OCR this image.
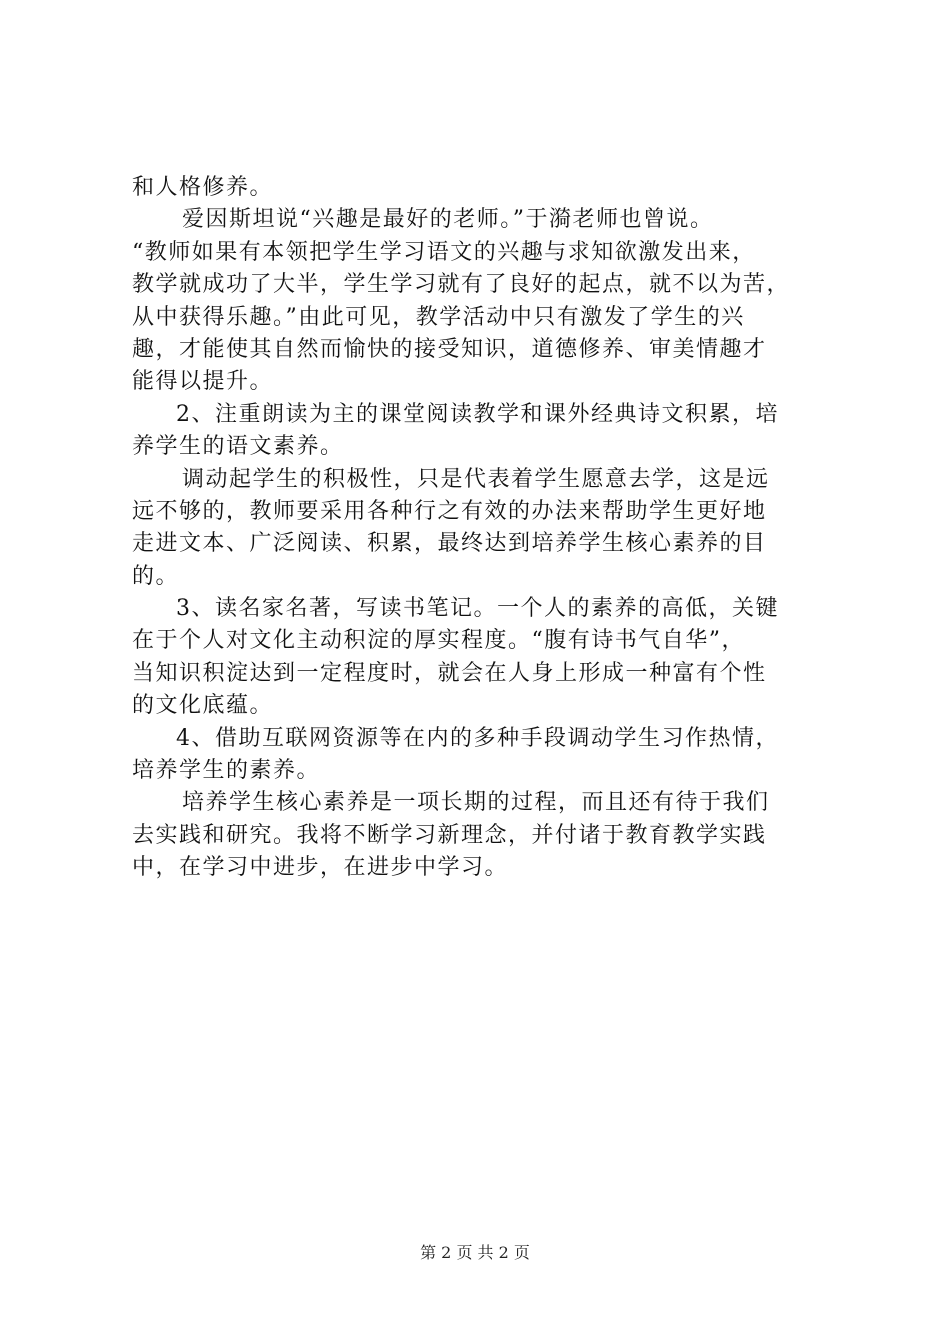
和人格修养。
爱因斯坦说“兴趣是最好的老师。”于漪老师也曾说。
“教师如果有本领把学生学习语文的兴趣与求知欲激发出来，
教学就成功了大半，学生学习就有了良好的起点，就不以为苦，
从中获得乐趣。”由此可见，教学活动中只有激发了学生的兴
趣，才能使其自然而愉快的接受知识，道德修养、审美情趣才
能得以提升。
2、注重朗读为主的课堂阅读教学和课外经典诗文积累，培
养学生的语文素养。
调动起学生的积极性，只是代表着学生愿意去学，这是远
远不够的，教师要采用各种行之有效的办法来帮助学生更好地
走进文本、广泛阅读、积累，最终达到培养学生核心素养的目
的。
3、读名家名著，写读书笔记。一个人的素养的高低，关键
在于个人对文化主动积淀的厚实程度。“腹有诗书气自华”，
当知识积淀达到一定程度时，就会在人身上形成一种富有个性
的文化底蕴。
4、借助互联网资源等在内的多种手段调动学生习作热情，
培养学生的素养。
培养学生核心素养是一项长期的过程，而且还有待于我们
去实践和研究。我将不断学习新理念，并付诸于教育教学实践
中，在学习中进步，在进步中学习。
第 2 页 共 2 页
